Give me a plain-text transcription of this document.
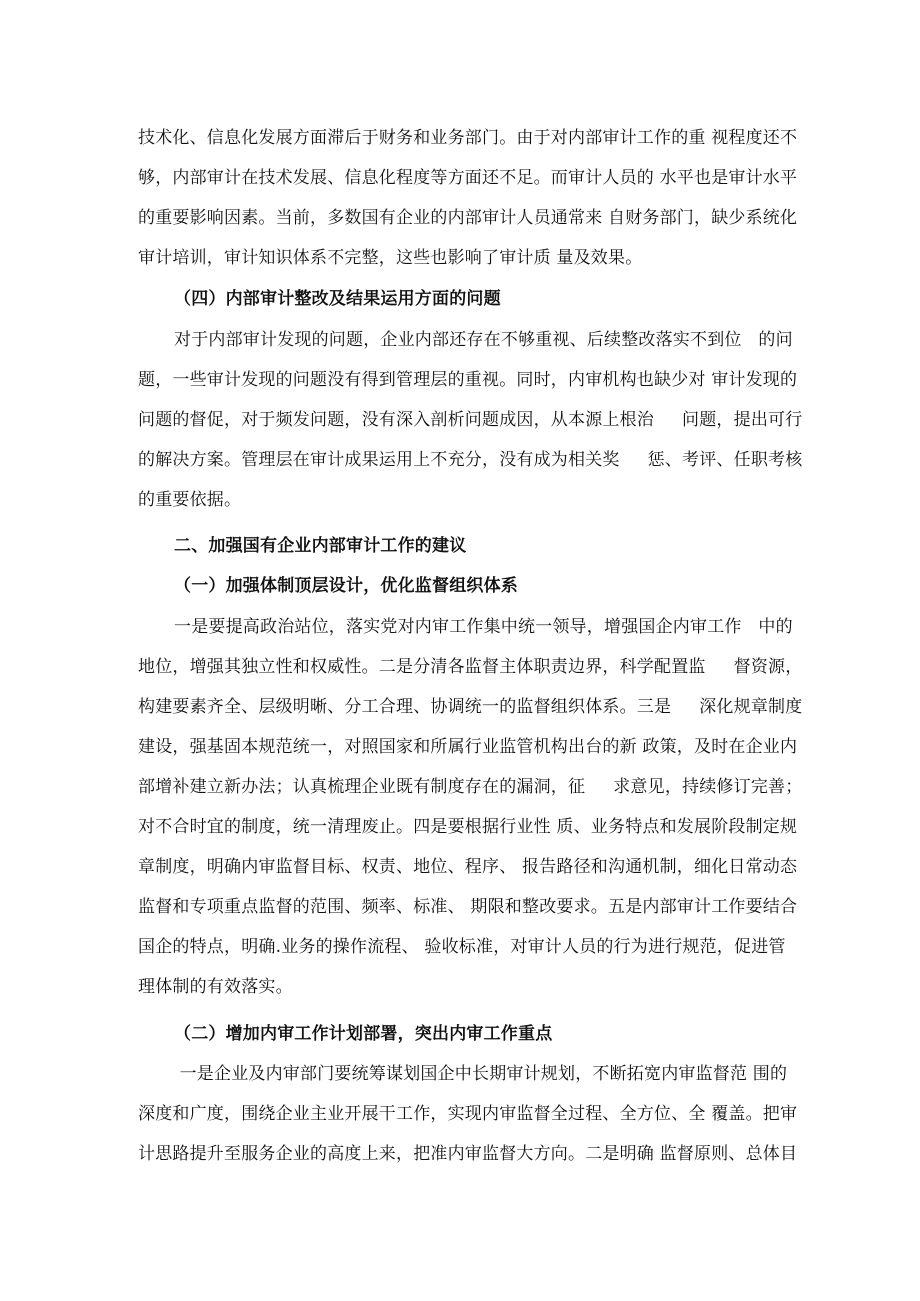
技术化、信息化发展方面滞后于财务和业务部门。由于对内部审计工作的重 视程度还不
够，内部审计在技术发展、信息化程度等方面还不足。而审计人员的 水平也是审计水平
的重要影响因素。当前，多数国有企业的内部审计人员通常来 自财务部门，缺少系统化
审计培训，审计知识体系不完整，这些也影响了审计质 量及效果。
（四）内部审计整改及结果运用方面的问题
对于内部审计发现的问题，企业内部还存在不够重视、后续整改落实不到位   的问
题，一些审计发现的问题没有得到管理层的重视。同时，内审机构也缺少对 审计发现的
问题的督促，对于频发问题，没有深入剖析问题成因，从本源上根治     问题，提出可行
的解决方案。管理层在审计成果运用上不充分，没有成为相关奖     惩、考评、任职考核
的重要依据。
二、加强国有企业内部审计工作的建议
（一）加强体制顶层设计，优化监督组织体系
一是要提高政治站位，落实党对内审工作集中统一领导，增强国企内审工作   中的
地位，增强其独立性和权威性。二是分清各监督主体职责边界，科学配置监     督资源，
构建要素齐全、层级明晰、分工合理、协调统一的监督组织体系。三是     深化规章制度
建设，强基固本规范统一，对照国家和所属行业监管机构出台的新 政策，及时在企业内
部增补建立新办法；认真梳理企业既有制度存在的漏洞，征     求意见，持续修订完善；
对不合时宜的制度，统一清理废止。四是要根据行业性 质、业务特点和发展阶段制定规
章制度，明确内审监督目标、权责、地位、程序、 报告路径和沟通机制，细化日常动态
监督和专项重点监督的范围、频率、标准、 期限和整改要求。五是内部审计工作要结合
国企的特点，明确.业务的操作流程、 验收标准，对审计人员的行为进行规范，促进管
理体制的有效落实。
（二）增加内审工作计划部署，突出内审工作重点
一是企业及内审部门要统筹谋划国企中长期审计规划，不断拓宽内审监督范 围的
深度和广度，围绕企业主业开展干工作，实现内审监督全过程、全方位、全 覆盖。把审
计思路提升至服务企业的高度上来，把准内审监督大方向。二是明确 监督原则、总体目
